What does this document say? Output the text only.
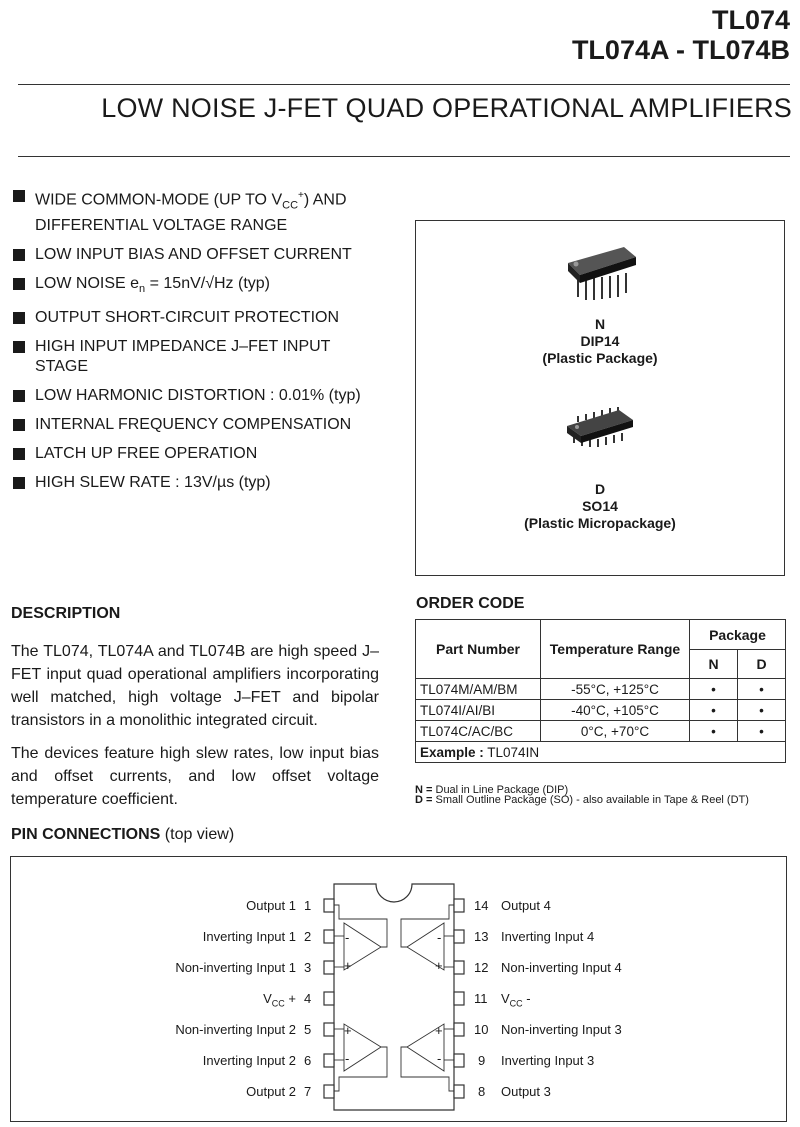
TL074
TL074A - TL074B
LOW NOISE J-FET QUAD OPERATIONAL AMPLIFIERS
WIDE COMMON-MODE (UP TO $V_{CC}^+$) AND
DIFFERENTIAL VOLTAGE RANGE
LOW INPUT BIAS AND OFFSET CURRENT
LOW NOISE $e_n = 15nV/√Hz$ (typ)
OUTPUT SHORT-CIRCUIT PROTECTION
HIGH INPUT IMPEDANCE J–FET INPUT
STAGE
LOW HARMONIC DISTORTION : 0.01% (typ)
INTERNAL FREQUENCY COMPENSATION
LATCH UP FREE OPERATION
HIGH SLEW RATE : 13V/µs (typ)
N
DIP14
(Plastic Package)
D
SO14
(Plastic Micropackage)
DESCRIPTION

The TL074, TL074A and TL074B are high speed J–FET input quad operational amplifiers incorporating well matched, high voltage J–FET and bipolar transistors in a monolithic integrated circuit.

The devices feature high slew rates, low input bias and offset currents, and low offset voltage temperature coefficient.

ORDER CODE
Part Number	Temperature Range	Package	
		N	D
TL074M/AM/BM	-55°C, +125°C	•	•
TL074I/AI/BI	-40°C, +105°C	•	•
TL074C/AC/BC	0°C, +70°C	•	•
Example : TL074IN			
N = Dual in Line Package (DIP)
D = Small Outline Package (SO) - also available in Tape & Reel (DT)
PIN CONNECTIONS (top view)
-
+
-
+
+
-
+
-
Output 1 1
Inverting Input 1 2
Non-inverting Input 1 3
$V_{CC} + 4$
Non-inverting Input 2 5
Inverting Input 2 6
Output 2 7
14 Output 4
13 Inverting Input 4
12 Non-inverting Input 4
11 $V_{CC}$ -
10 Non-inverting Input 3
9 Inverting Input 3
8 Output 3
